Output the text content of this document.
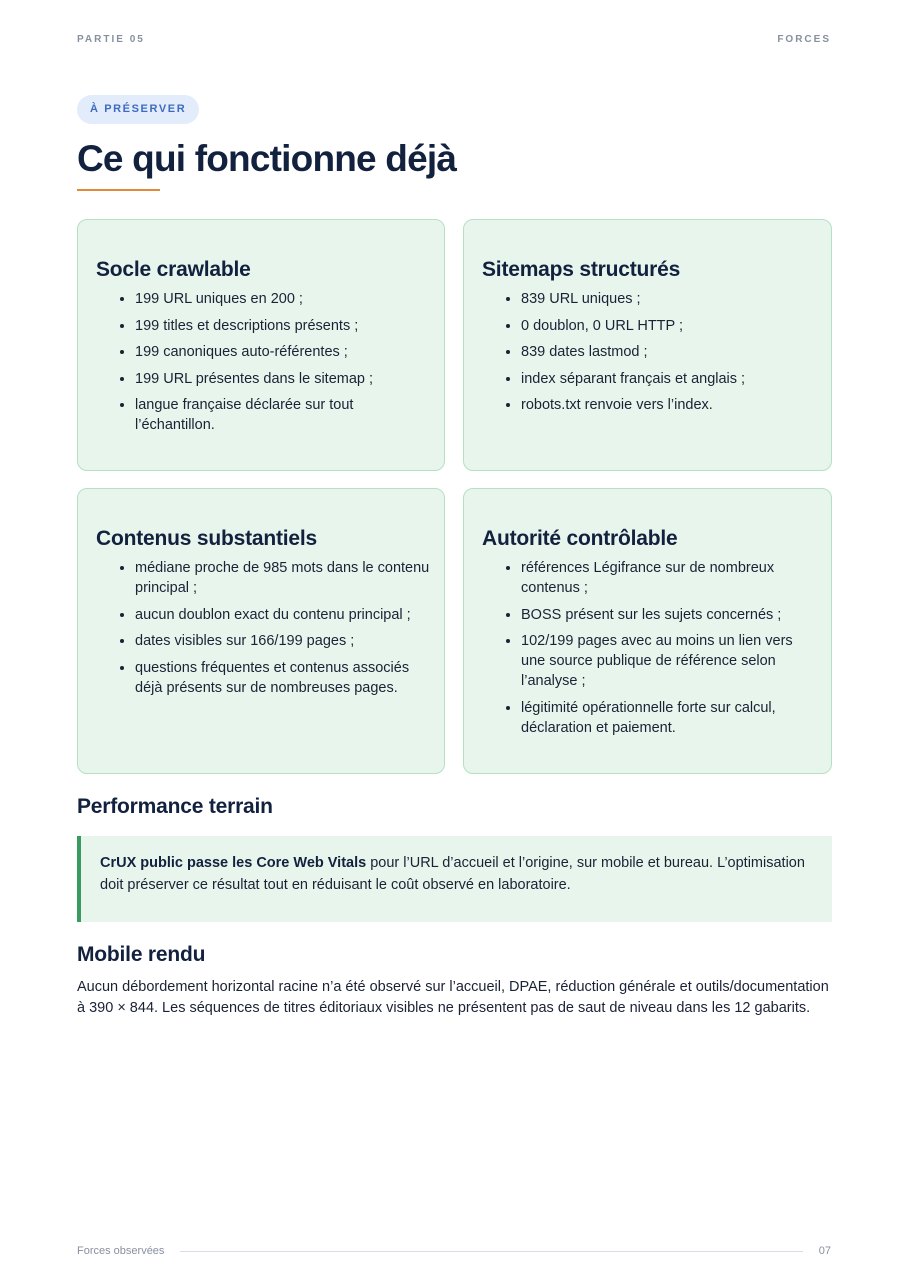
PARTIE 05	FORCES
À PRÉSERVER
Ce qui fonctionne déjà
Socle crawlable
• 199 URL uniques en 200 ;
• 199 titles et descriptions présents ;
• 199 canoniques auto-référentes ;
• 199 URL présentes dans le sitemap ;
• langue française déclarée sur tout l’échantillon.
Sitemaps structurés
• 839 URL uniques ;
• 0 doublon, 0 URL HTTP ;
• 839 dates lastmod ;
• index séparant français et anglais ;
• robots.txt renvoie vers l’index.
Contenus substantiels
• médiane proche de 985 mots dans le contenu principal ;
• aucun doublon exact du contenu principal ;
• dates visibles sur 166/199 pages ;
• questions fréquentes et contenus associés déjà présents sur de nombreuses pages.
Autorité contrôlable
• références Légifrance sur de nombreux contenus ;
• BOSS présent sur les sujets concernés ;
• 102/199 pages avec au moins un lien vers une source publique de référence selon l’analyse ;
• légitimité opérationnelle forte sur calcul, déclaration et paiement.
Performance terrain
CrUX public passe les Core Web Vitals pour l’URL d’accueil et l’origine, sur mobile et bureau. L’optimisation doit préserver ce résultat tout en réduisant le coût observé en laboratoire.
Mobile rendu

Aucun débordement horizontal racine n’a été observé sur l’accueil, DPAE, réduction générale et outils/documentation à 390 × 844. Les séquences de titres éditoriaux visibles ne présentent pas de saut de niveau dans les 12 gabarits.

Forces observées	07
